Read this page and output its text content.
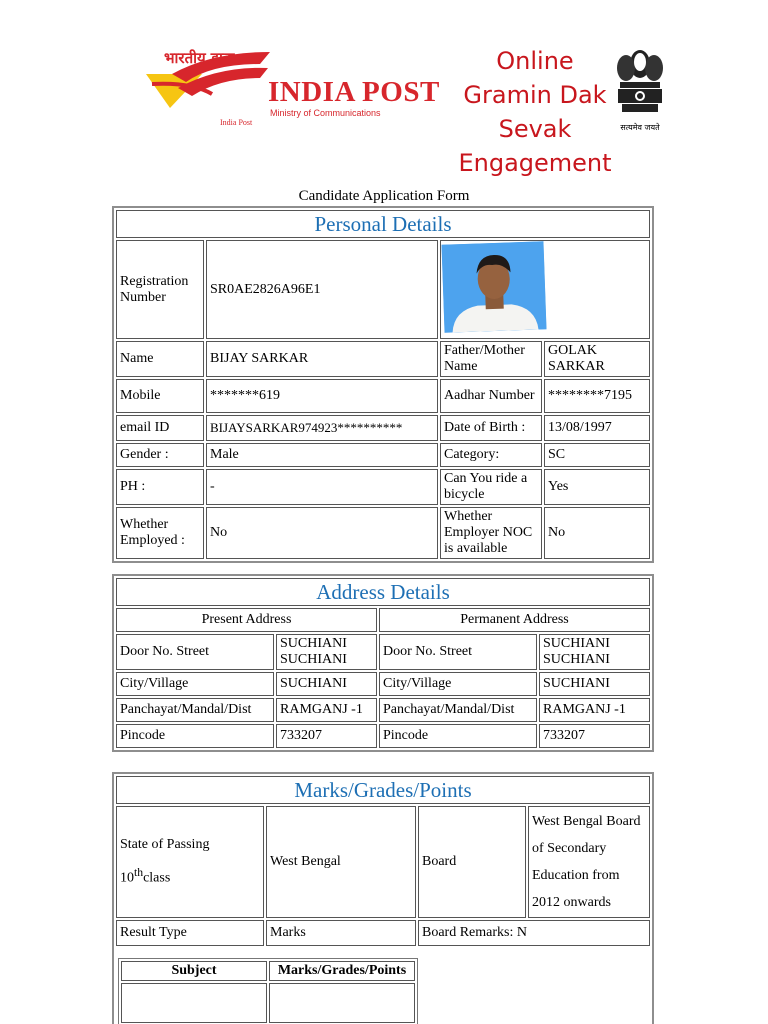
भारतीय डाक
INDIA POST
Ministry of Communications
India Post
Online
Gramin Dak
Sevak
Engagement
सत्यमेव जयते
Candidate Application Form
Personal Details			
Registration Number	SR0AE2826A96E1	
Name	BIJAY SARKAR	Father/Mother Name	GOLAK SARKAR
Mobile	*******619	Aadhar Number	********7195
email ID	BIJAYSARKAR974923**********	Date of Birth :	13/08/1997
Gender :	Male	Category:	SC
PH :	-	Can You ride a bicycle	Yes
Whether Employed :	No	Whether Employer NOC is available	No
Address Details			
Present Address		Permanent Address	
Door No. Street	SUCHIANI SUCHIANI	Door No. Street	SUCHIANI SUCHIANI
City/Village	SUCHIANI	City/Village	SUCHIANI
Panchayat/Mandal/Dist	RAMGANJ -1	Panchayat/Mandal/Dist	RAMGANJ -1
Pincode	733207	Pincode	733207
Marks/Grades/Points			
State of Passing
10thclass	West Bengal	Board	West Bengal Board of Secondary Education from 2012 onwards
Result Type	Marks	Board Remarks: N	
Subject	Marks/Grades/Points
